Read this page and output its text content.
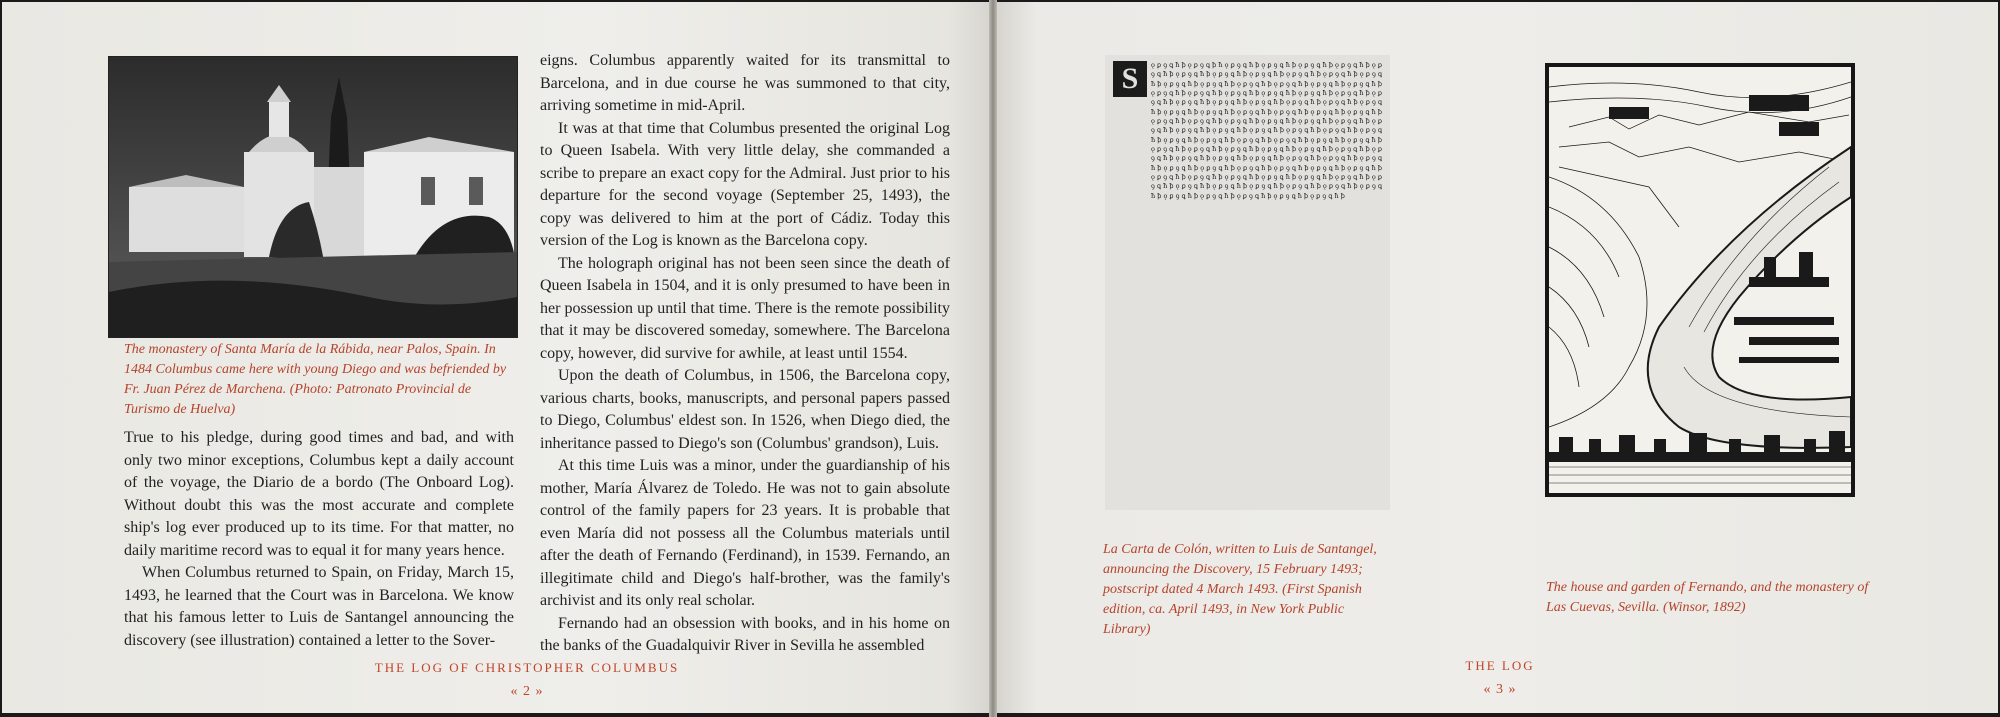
The monastery of Santa María de la Rábida, near Palos, Spain. In 1484 Columbus came here with young Diego and was befriended by Fr. Juan Pérez de Marchena. (Photo: Patronato Provincial de Turismo de Huelva)

True to his pledge, during good times and bad, and with only two minor exceptions, Columbus kept a daily account of the voyage, the Diario de a bordo (The Onboard Log). Without doubt this was the most accurate and complete ship's log ever produced up to its time. For that matter, no daily maritime record was to equal it for many years hence.

When Columbus returned to Spain, on Friday, March 15, 1493, he learned that the Court was in Barcelona. We know that his famous letter to Luis de Santangel announcing the discovery (see illustration) contained a letter to the Sover-

eigns. Columbus apparently waited for its transmittal to Barcelona, and in due course he was summoned to that city, arriving sometime in mid-April.

It was at that time that Columbus presented the original Log to Queen Isabela. With very little delay, she commanded a scribe to prepare an exact copy for the Admiral. Just prior to his departure for the second voyage (September 25, 1493), the copy was delivered to him at the port of Cádiz. Today this version of the Log is known as the Barcelona copy.

The holograph original has not been seen since the death of Queen Isabela in 1504, and it is only presumed to have been in her possession up until that time. There is the remote possibility that it may be discovered someday, somewhere. The Barcelona copy, however, did survive for awhile, at least until 1554.

Upon the death of Columbus, in 1506, the Barcelona copy, various charts, books, manuscripts, and personal papers passed to Diego, Columbus' eldest son. In 1526, when Diego died, the inheritance passed to Diego's son (Columbus' grandson), Luis.

At this time Luis was a minor, under the guardianship of his mother, María Álvarez de Toledo. He was not to gain absolute control of the family papers for 23 years. It is probable that even María did not possess all the Columbus materials until after the death of Fernando (Ferdinand), in 1539. Fernando, an illegitimate child and Diego's half-brother, was the family's archivist and its only real scholar.

Fernando had an obsession with books, and in his home on the banks of the Guadalquivir River in Sevilla he assembled

THE LOG OF CHRISTOPHER COLUMBUS
« 2 »
S	ǫ ꝑ ꝯ ꝗ ħ ꝥ ǫ ꝑ ꝯ ꝗ ꝥ ħ ǫ ꝑ ꝯ ꝗ ħ ꝥ ǫ ꝑ ꝯ ꝗ ħ ꝥ ǫ ꝑ ꝯ ꝗ ħ ꝥ ǫ ꝑ ꝯ ꝗ ħ ꝥ ǫ ꝑ ꝯ ꝗ ħ ꝥ ǫ ꝑ ꝯ ꝗ ħ ꝥ ǫ ꝑ ꝯ ꝗ ħ ꝥ ǫ ꝑ ꝯ ꝗ ħ ꝥ ǫ ꝑ ꝯ ꝗ ħ ꝥ ǫ ꝑ ꝯ ꝗ ħ ꝥ ǫ ꝑ ꝯ ꝗ ħ ꝥ ǫ ꝑ ꝯ ꝗ ħ ꝥ ǫ ꝑ ꝯ ꝗ ħ ꝥ ǫ ꝑ ꝯ ꝗ ħ ꝥ ǫ ꝑ ꝯ ꝗ ħ ꝥ ǫ ꝑ ꝯ ꝗ ħ ꝥ ǫ ꝑ ꝯ ꝗ ħ ꝥ ǫ ꝑ ꝯ ꝗ ħ ꝥ ǫ ꝑ ꝯ ꝗ ħ ꝥ ǫ ꝑ ꝯ ꝗ ħ ꝥ ǫ ꝑ ꝯ ꝗ ħ ꝥ ǫ ꝑ ꝯ ꝗ ħ ꝥ ǫ ꝑ ꝯ ꝗ ħ ꝥ ǫ ꝑ ꝯ ꝗ ħ ꝥ ǫ ꝑ ꝯ ꝗ ħ ꝥ ǫ ꝑ ꝯ ꝗ ħ ꝥ ǫ ꝑ ꝯ ꝗ ħ ꝥ ǫ ꝑ ꝯ ꝗ ħ ꝥ ǫ ꝑ ꝯ ꝗ ħ ꝥ ǫ ꝑ ꝯ ꝗ ħ ꝥ ǫ ꝑ ꝯ ꝗ ħ ꝥ ǫ ꝑ ꝯ ꝗ ħ ꝥ ǫ ꝑ ꝯ ꝗ ħ ꝥ ǫ ꝑ ꝯ ꝗ ħ ꝥ ǫ ꝑ ꝯ ꝗ ħ ꝥ ǫ ꝑ ꝯ ꝗ ħ ꝥ ǫ ꝑ ꝯ ꝗ ħ ꝥ ǫ ꝑ ꝯ ꝗ ħ ꝥ ǫ ꝑ ꝯ ꝗ ħ ꝥ ǫ ꝑ ꝯ ꝗ ħ ꝥ ǫ ꝑ ꝯ ꝗ ħ ꝥ ǫ ꝑ ꝯ ꝗ ħ ꝥ ǫ ꝑ ꝯ ꝗ ħ ꝥ ǫ ꝑ ꝯ ꝗ ħ ꝥ ǫ ꝑ ꝯ ꝗ ħ ꝥ ǫ ꝑ ꝯ ꝗ ħ ꝥ ǫ ꝑ ꝯ ꝗ ħ ꝥ ǫ ꝑ ꝯ ꝗ ħ ꝥ ǫ ꝑ ꝯ ꝗ ħ ꝥ ǫ ꝑ ꝯ ꝗ ħ ꝥ ǫ ꝑ ꝯ ꝗ ħ ꝥ ǫ ꝑ ꝯ ꝗ ħ ꝥ ǫ ꝑ ꝯ ꝗ ħ ꝥ ǫ ꝑ ꝯ ꝗ ħ ꝥ ǫ ꝑ ꝯ ꝗ ħ ꝥ ǫ ꝑ ꝯ ꝗ ħ ꝥ ǫ ꝑ ꝯ ꝗ ħ ꝥ ǫ ꝑ ꝯ ꝗ ħ ꝥ ǫ ꝑ ꝯ ꝗ ħ ꝥ ǫ ꝑ ꝯ ꝗ ħ ꝥ ǫ ꝑ ꝯ ꝗ ħ ꝥ ǫ ꝑ ꝯ ꝗ ħ ꝥ ǫ ꝑ ꝯ ꝗ ħ ꝥ ǫ ꝑ ꝯ ꝗ ħ ꝥ ǫ ꝑ ꝯ ꝗ ħ ꝥ ǫ ꝑ ꝯ ꝗ ħ ꝥ ǫ ꝑ ꝯ ꝗ ħ ꝥ ǫ ꝑ ꝯ ꝗ ħ ꝥ ǫ ꝑ ꝯ ꝗ ħ ꝥ ǫ ꝑ ꝯ ꝗ ħ ꝥ ǫ ꝑ ꝯ ꝗ ħ ꝥ ǫ ꝑ ꝯ ꝗ ħ ꝥ ǫ ꝑ ꝯ ꝗ ħ ꝥ ǫ ꝑ ꝯ ꝗ ħ ꝥ ǫ ꝑ ꝯ ꝗ ħ ꝥ ǫ ꝑ ꝯ ꝗ ħ ꝥ ǫ ꝑ ꝯ ꝗ ħ ꝥ ǫ ꝑ ꝯ ꝗ ħ ꝥ ǫ ꝑ ꝯ ꝗ ħ ꝥ ǫ ꝑ ꝯ ꝗ ħ ꝥ ǫ ꝑ ꝯ ꝗ ħ ꝥ ǫ ꝑ ꝯ ꝗ ħ ꝥ ǫ ꝑ ꝯ ꝗ ħ ꝥ ǫ ꝑ ꝯ ꝗ ħ ꝥ ǫ ꝑ ꝯ ꝗ ħ ꝥ ǫ ꝑ ꝯ ꝗ ħ ꝥ ǫ ꝑ ꝯ ꝗ ħ ꝥ ǫ ꝑ ꝯ ꝗ ħ ꝥ ǫ ꝑ ꝯ ꝗ ħ ꝥ ǫ ꝑ ꝯ ꝗ ħ ꝥ ǫ ꝑ ꝯ ꝗ ħ ꝥ ǫ ꝑ ꝯ ꝗ ħ ꝥ
La Carta de Colón, written to Luis de Santangel, announcing the Discovery, 15 February 1493; postscript dated 4 March 1493. (First Spanish edition, ca. April 1493, in New York Public Library)
The house and garden of Fernando, and the monastery of Las Cuevas, Sevilla. (Winsor, 1892)
THE LOG
« 3 »
